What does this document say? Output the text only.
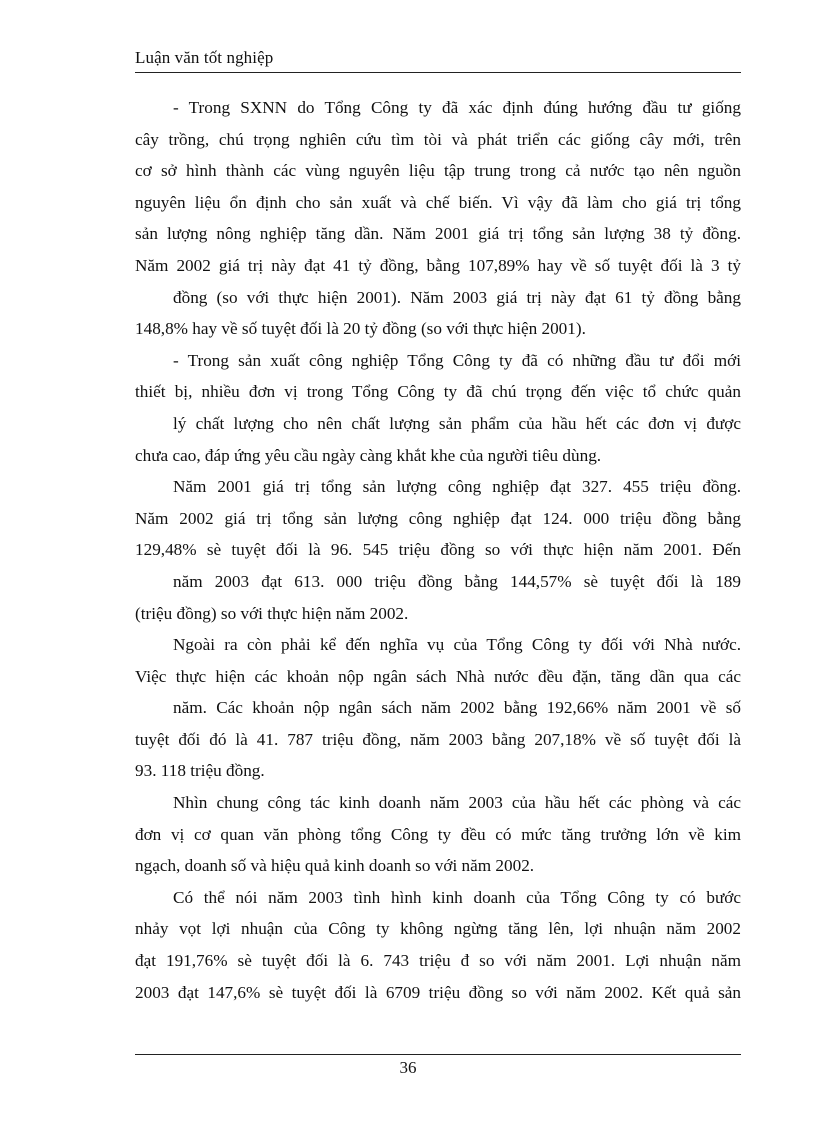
Luận văn tốt nghiệp
- Trong SXNN do Tổng Công ty đã xác định đúng hướng đầu tư giống
cây trồng, chú trọng nghiên cứu tìm tòi và phát triển các giống cây mới, trên
cơ sở hình thành các vùng nguyên liệu tập trung trong cả nước tạo nên nguồn
nguyên liệu ổn định cho sản xuất và chế biến. Vì vậy đã làm cho giá trị tổng
sản lượng nông nghiệp tăng dần. Năm 2001 giá trị tổng sản lượng 38 tỷ đồng.
Năm 2002 giá trị này đạt 41 tỷ đồng, bằng 107,89% hay về số tuyệt đối là 3 tỷ
đồng (so với thực hiện 2001). Năm 2003 giá trị này đạt 61 tỷ đồng bằng
148,8% hay về số tuyệt đối là 20 tỷ đồng (so với thực hiện 2001).
- Trong sản xuất công nghiệp Tổng Công ty đã có những đầu tư đổi mới
thiết bị, nhiều đơn vị trong Tổng Công ty đã chú trọng đến việc tổ chức quản
lý chất lượng cho nên chất lượng sản phẩm của hầu hết các đơn vị được
chưa cao, đáp ứng yêu cầu ngày càng khắt khe của người tiêu dùng.
Năm 2001 giá trị tổng sản lượng công nghiệp đạt 327. 455 triệu đồng.
Năm 2002 giá trị tổng sản lượng công nghiệp đạt 124. 000 triệu đồng bằng
129,48% sè tuyệt đối là 96. 545 triệu đồng so với thực hiện năm 2001. Đến
năm 2003 đạt 613. 000 triệu đồng bằng 144,57% sè tuyệt đối là 189
(triệu đồng) so với thực hiện năm 2002.
Ngoài ra còn phải kể đến nghĩa vụ của Tổng Công ty đối với Nhà nước.
Việc thực hiện các khoản nộp ngân sách Nhà nước đều đặn, tăng dần qua các
năm. Các khoản nộp ngân sách năm 2002 bằng 192,66% năm 2001 về số
tuyệt đối đó là 41. 787 triệu đồng, năm 2003 bằng 207,18% về số tuyệt đối là
93. 118 triệu đồng.
Nhìn chung công tác kinh doanh năm 2003 của hầu hết các phòng và các
đơn vị cơ quan văn phòng tổng Công ty đều có mức tăng trưởng lớn về kim
ngạch, doanh số và hiệu quả kinh doanh so với năm 2002.
Có thể nói năm 2003 tình hình kinh doanh của Tổng Công ty có bước
nhảy vọt lợi nhuận của Công ty không ngừng tăng lên, lợi nhuận năm 2002
đạt 191,76% sè tuyệt đối là 6. 743 triệu đ so với năm 2001. Lợi nhuận năm
2003 đạt 147,6% sè tuyệt đối là 6709 triệu đồng so với năm 2002. Kết quả sản
36
